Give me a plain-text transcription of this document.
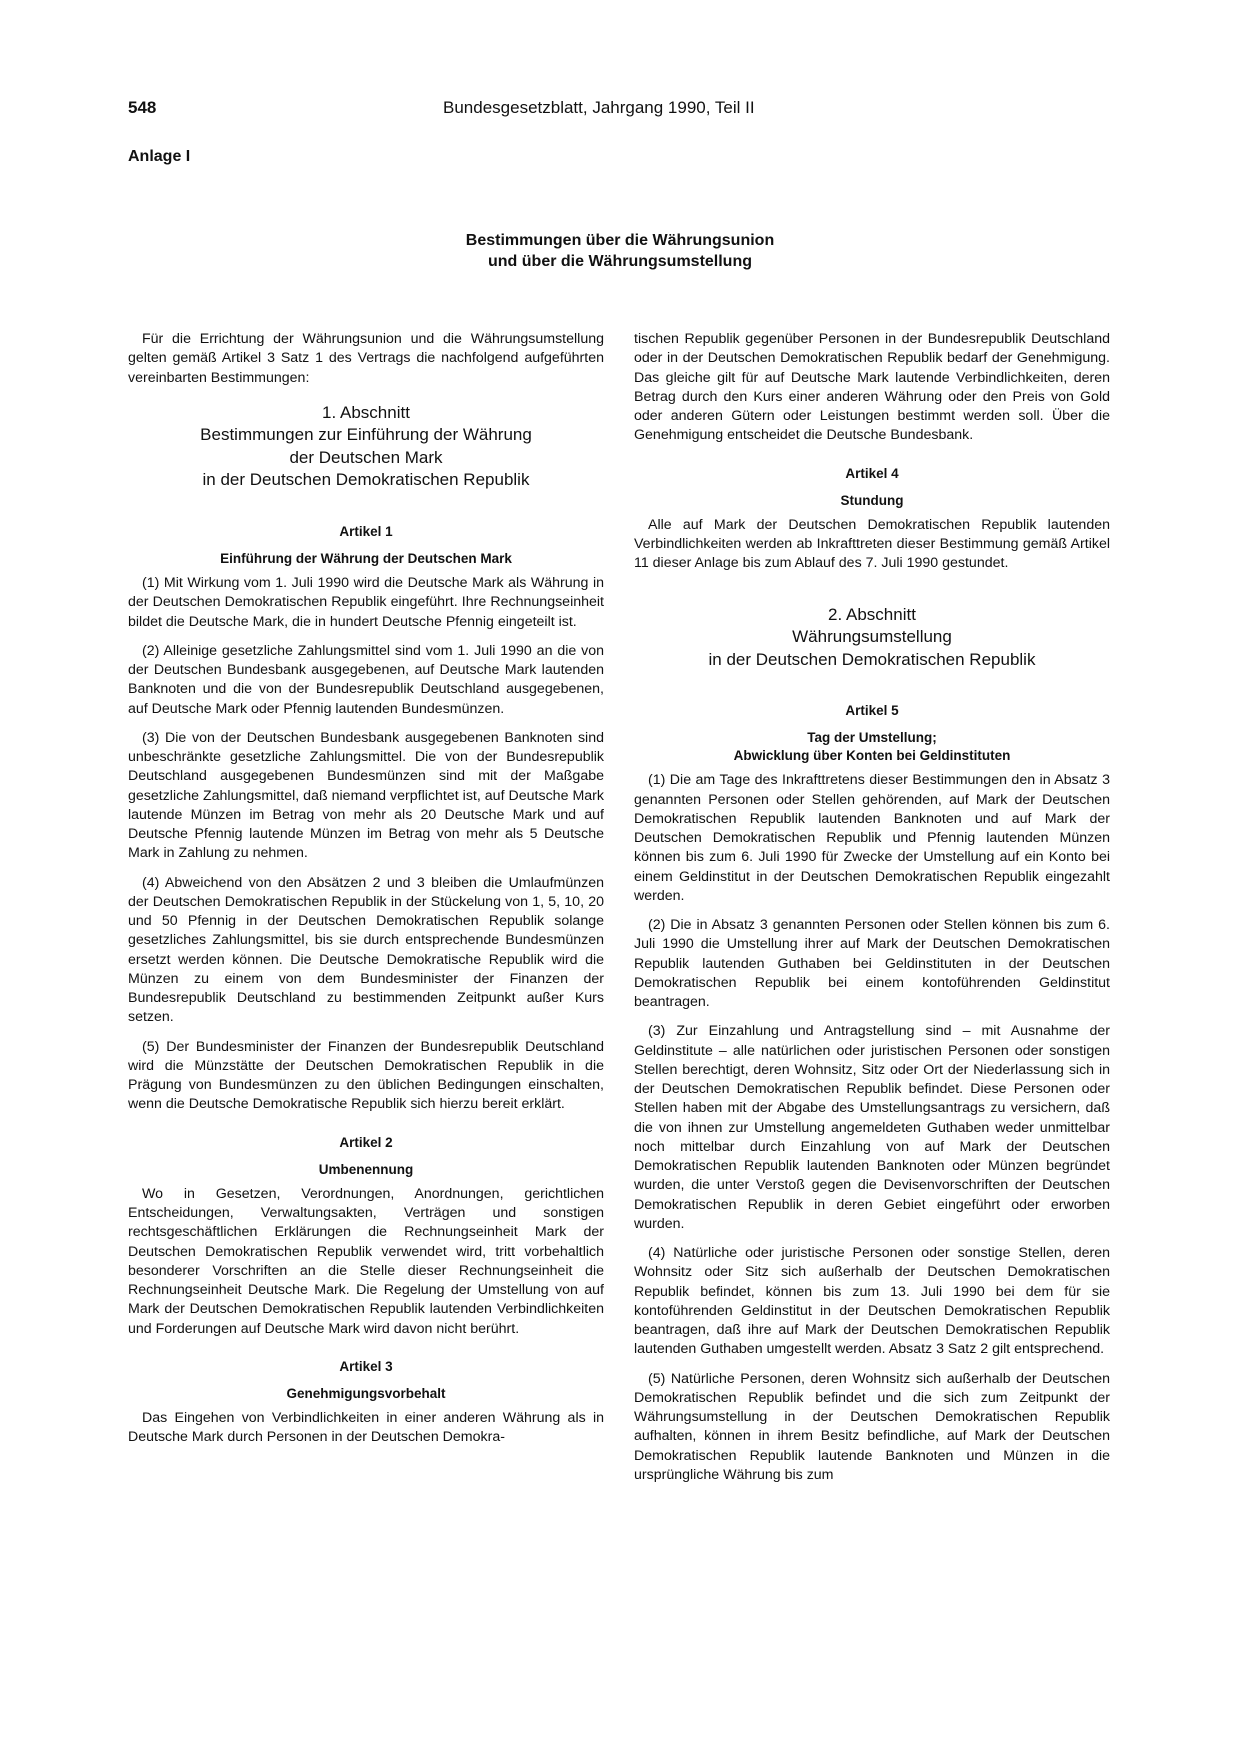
548	Bundesgesetzblatt, Jahrgang 1990, Teil II
Anlage I
Bestimmungen über die Währungsunion
und über die Währungsumstellung

Für die Errichtung der Währungsunion und die Währungsumstellung gelten gemäß Artikel 3 Satz 1 des Vertrags die nachfolgend aufgeführten vereinbarten Bestimmungen:

1. Abschnitt
Bestimmungen zur Einführung der Währung
der Deutschen Mark
in der Deutschen Demokratischen Republik
Artikel 1
Einführung der Währung der Deutschen Mark

(1) Mit Wirkung vom 1. Juli 1990 wird die Deutsche Mark als Währung in der Deutschen Demokratischen Republik eingeführt. Ihre Rechnungseinheit bildet die Deutsche Mark, die in hundert Deutsche Pfennig eingeteilt ist.

(2) Alleinige gesetzliche Zahlungsmittel sind vom 1. Juli 1990 an die von der Deutschen Bundesbank ausgegebenen, auf Deutsche Mark lautenden Banknoten und die von der Bundesrepublik Deutschland ausgegebenen, auf Deutsche Mark oder Pfennig lautenden Bundesmünzen.

(3) Die von der Deutschen Bundesbank ausgegebenen Banknoten sind unbeschränkte gesetzliche Zahlungsmittel. Die von der Bundesrepublik Deutschland ausgegebenen Bundesmünzen sind mit der Maßgabe gesetzliche Zahlungsmittel, daß niemand verpflichtet ist, auf Deutsche Mark lautende Münzen im Betrag von mehr als 20 Deutsche Mark und auf Deutsche Pfennig lautende Münzen im Betrag von mehr als 5 Deutsche Mark in Zahlung zu nehmen.

(4) Abweichend von den Absätzen 2 und 3 bleiben die Umlaufmünzen der Deutschen Demokratischen Republik in der Stückelung von 1, 5, 10, 20 und 50 Pfennig in der Deutschen Demokratischen Republik solange gesetzliches Zahlungsmittel, bis sie durch entsprechende Bundesmünzen ersetzt werden können. Die Deutsche Demokratische Republik wird die Münzen zu einem von dem Bundesminister der Finanzen der Bundesrepublik Deutschland zu bestimmenden Zeitpunkt außer Kurs setzen.

(5) Der Bundesminister der Finanzen der Bundesrepublik Deutschland wird die Münzstätte der Deutschen Demokratischen Republik in die Prägung von Bundesmünzen zu den üblichen Bedingungen einschalten, wenn die Deutsche Demokratische Republik sich hierzu bereit erklärt.

Artikel 2
Umbenennung

Wo in Gesetzen, Verordnungen, Anordnungen, gerichtlichen Entscheidungen, Verwaltungsakten, Verträgen und sonstigen rechtsgeschäftlichen Erklärungen die Rechnungseinheit Mark der Deutschen Demokratischen Republik verwendet wird, tritt vorbehaltlich besonderer Vorschriften an die Stelle dieser Rechnungseinheit die Rechnungseinheit Deutsche Mark. Die Regelung der Umstellung von auf Mark der Deutschen Demokratischen Republik lautenden Verbindlichkeiten und Forderungen auf Deutsche Mark wird davon nicht berührt.

Artikel 3
Genehmigungsvorbehalt

Das Eingehen von Verbindlichkeiten in einer anderen Währung als in Deutsche Mark durch Personen in der Deutschen Demokra-

tischen Republik gegenüber Personen in der Bundesrepublik Deutschland oder in der Deutschen Demokratischen Republik bedarf der Genehmigung. Das gleiche gilt für auf Deutsche Mark lautende Verbindlichkeiten, deren Betrag durch den Kurs einer anderen Währung oder den Preis von Gold oder anderen Gütern oder Leistungen bestimmt werden soll. Über die Genehmigung entscheidet die Deutsche Bundesbank.

Artikel 4
Stundung

Alle auf Mark der Deutschen Demokratischen Republik lautenden Verbindlichkeiten werden ab Inkrafttreten dieser Bestimmung gemäß Artikel 11 dieser Anlage bis zum Ablauf des 7. Juli 1990 gestundet.

2. Abschnitt
Währungsumstellung
in der Deutschen Demokratischen Republik
Artikel 5
Tag der Umstellung;
Abwicklung über Konten bei Geldinstituten

(1) Die am Tage des Inkrafttretens dieser Bestimmungen den in Absatz 3 genannten Personen oder Stellen gehörenden, auf Mark der Deutschen Demokratischen Republik lautenden Banknoten und auf Mark der Deutschen Demokratischen Republik und Pfennig lautenden Münzen können bis zum 6. Juli 1990 für Zwecke der Umstellung auf ein Konto bei einem Geldinstitut in der Deutschen Demokratischen Republik eingezahlt werden.

(2) Die in Absatz 3 genannten Personen oder Stellen können bis zum 6. Juli 1990 die Umstellung ihrer auf Mark der Deutschen Demokratischen Republik lautenden Guthaben bei Geldinstituten in der Deutschen Demokratischen Republik bei einem kontoführenden Geldinstitut beantragen.

(3) Zur Einzahlung und Antragstellung sind – mit Ausnahme der Geldinstitute – alle natürlichen oder juristischen Personen oder sonstigen Stellen berechtigt, deren Wohnsitz, Sitz oder Ort der Niederlassung sich in der Deutschen Demokratischen Republik befindet. Diese Personen oder Stellen haben mit der Abgabe des Umstellungsantrags zu versichern, daß die von ihnen zur Umstellung angemeldeten Guthaben weder unmittelbar noch mittelbar durch Einzahlung von auf Mark der Deutschen Demokratischen Republik lautenden Banknoten oder Münzen begründet wurden, die unter Verstoß gegen die Devisenvorschriften der Deutschen Demokratischen Republik in deren Gebiet eingeführt oder erworben wurden.

(4) Natürliche oder juristische Personen oder sonstige Stellen, deren Wohnsitz oder Sitz sich außerhalb der Deutschen Demokratischen Republik befindet, können bis zum 13. Juli 1990 bei dem für sie kontoführenden Geldinstitut in der Deutschen Demokratischen Republik beantragen, daß ihre auf Mark der Deutschen Demokratischen Republik lautenden Guthaben umgestellt werden. Absatz 3 Satz 2 gilt entsprechend.

(5) Natürliche Personen, deren Wohnsitz sich außerhalb der Deutschen Demokratischen Republik befindet und die sich zum Zeitpunkt der Währungsumstellung in der Deutschen Demokratischen Republik aufhalten, können in ihrem Besitz befindliche, auf Mark der Deutschen Demokratischen Republik lautende Banknoten und Münzen in die ursprüngliche Währung bis zum
